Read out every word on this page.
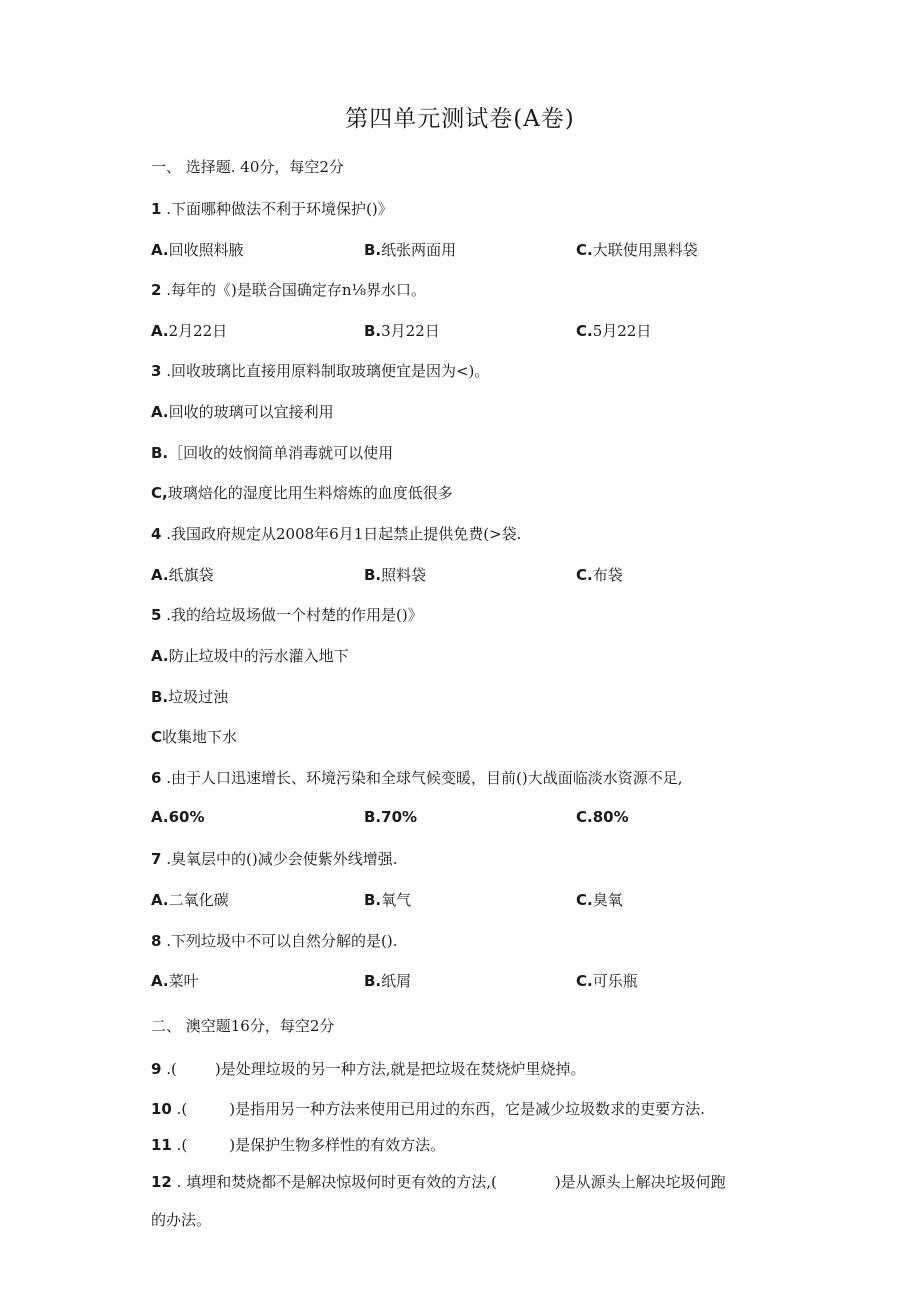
第四单元测试卷(A卷)
一、 选择题. 40分，每空2分
1 .下面哪种做法不利于环境保护()》
A.回收照料腋	B.纸张两面用	C.大联使用黑料袋
2 .每年的《)是联合国确定存n⅛界水口。
A.2月22日	B.3月22日	C.5月22日
3 .回收玻璃比直接用原料制取玻璃便宜是因为<)。
A.回收的玻璃可以宜接利用
B.［回收的妓悯简单消毒就可以使用
C,玻璃焙化的湿度比用生料熔炼的血度低很多
4 .我国政府规定从2008年6月1日起禁止提供免费(>袋.
A.纸旗袋	B.照料袋	C.布袋
5 .我的给垃圾场做一个村楚的作用是()》
A.防止垃圾中的污水灌入地下
B.垃圾过浊
C收集地下水
6 .由于人口迅速增长、环境污染和全球气候变暖，目前()大战面临淡水资源不足,
A.60%	B.70%	C.80%
7 .臭氧层中的()减少会使紫外线增强.
A.二氧化碳	B.氧气	C.臭氧
8 .下列垃圾中不可以自然分解的是().
A.菜叶	B.纸屑	C.可乐瓶
二、 澳空题16分，每空2分
9 .(	)是处理垃圾的另一种方法,就是把垃圾在焚烧炉里烧掉。
10 .(	)是指用另一种方法来使用已用过的东西，它是减少垃圾数求的吏要方法.
11 .(	)是保护生物多样性的有效方法。
12 . 填埋和焚烧都不是解决惊圾何时更有效的方法,(	)是从源头上解决坨圾何跑
的办法。
